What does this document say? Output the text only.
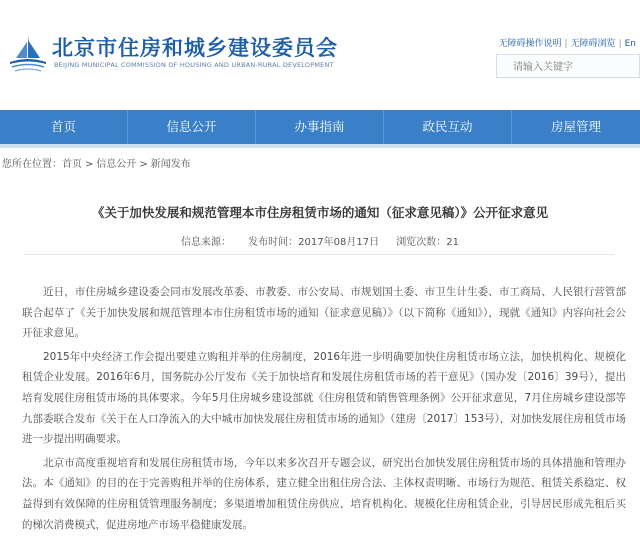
北京市住房和城乡建设委员会
BEIJING MUNICIPAL COMMISSION OF HOUSING AND URBAN-RURAL DEVELOPMENT
无障碍操作说明 | 无障碍浏览 | En
请输入关键字
首页	信息公开	办事指南	政民互动	房屋管理
您所在位置：首页 > 信息公开 > 新闻发布
《关于加快发展和规范管理本市住房租赁市场的通知（征求意见稿）》公开征求意见
信息来源： 发布时间：2017年08月17日 浏览次数：21

近日，市住房城乡建设委会同市发展改革委、市教委、市公安局、市规划国土委、市卫生计生委、市工商局、人民银行营管部联合起草了《关于加快发展和规范管理本市住房租赁市场的通知（征求意见稿）》（以下简称《通知》），现就《通知》内容向社会公开征求意见。

2015年中央经济工作会提出要建立购租并举的住房制度，2016年进一步明确要加快住房租赁市场立法，加快机构化、规模化租赁企业发展。2016年6月，国务院办公厅发布《关于加快培育和发展住房租赁市场的若干意见》（国办发〔2016〕39号），提出培育发展住房租赁市场的具体要求。今年5月住房城乡建设部就《住房租赁和销售管理条例》公开征求意见，7月住房城乡建设部等九部委联合发布《关于在人口净流入的大中城市加快发展住房租赁市场的通知》（建房〔2017〕153号），对加快发展住房租赁市场进一步提出明确要求。

北京市高度重视培育和发展住房租赁市场，今年以来多次召开专题会议，研究出台加快发展住房租赁市场的具体措施和管理办法。本《通知》的目的在于完善购租并举的住房体系，建立健全出租住房合法、主体权责明晰、市场行为规范、租赁关系稳定、权益得到有效保障的住房租赁管理服务制度；多渠道增加租赁住房供应，培育机构化、规模化住房租赁企业，引导居民形成先租后买的梯次消费模式，促进房地产市场平稳健康发展。
